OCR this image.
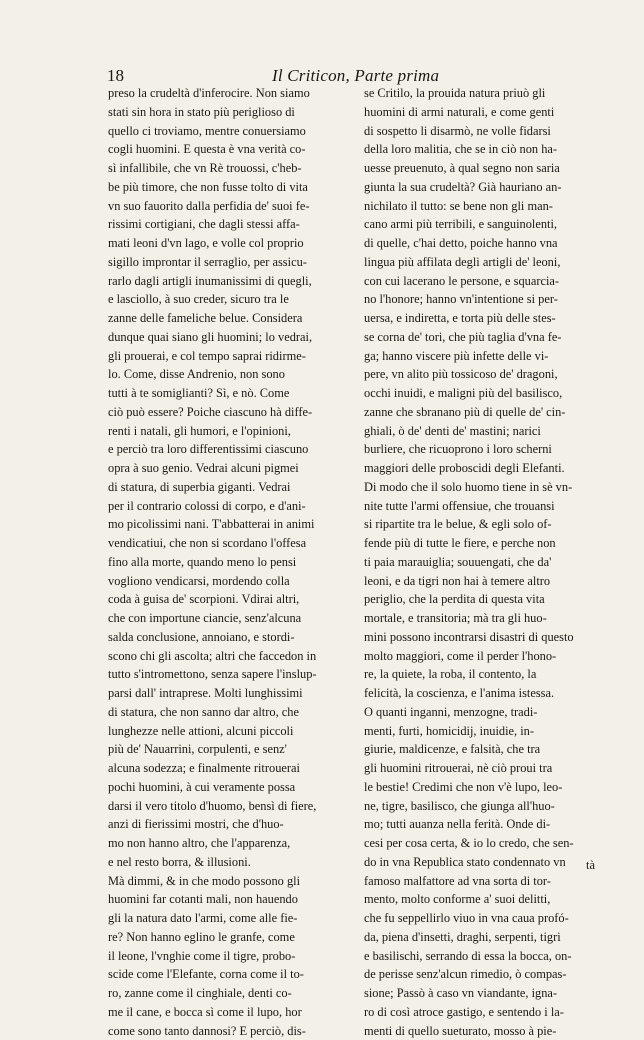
18	Il Criticon, Parte prima
preso la crudeltà d'inferocire. Non siamo
stati sin hora in stato più periglioso di
quello ci troviamo, mentre conuersiamo
cogli huomini. E questa è vna verità co-
sì infallibile, che vn Rè trouossi, c'heb-
be più timore, che non fusse tolto di vita
vn suo fauorito dalla perfidia de' suoi fe-
rissimi cortigiani, che dagli stessi affa-
mati leoni d'vn lago, e volle col proprio
sigillo improntar il serraglio, per assicu-
rarlo dagli artigli inumanissimi di quegli,
e lasciollo, à suo creder, sicuro tra le
zanne delle fameliche belue. Considera
dunque quai siano gli huomini; lo vedrai,
gli prouerai, e col tempo saprai ridirme-
lo. Come, disse Andrenio, non sono
tutti à te somiglianti? Sì, e nò. Come
ciò può essere? Poiche ciascuno hà diffe-
renti i natali, gli humori, e l'opinioni,
e perciò tra loro differentissimi ciascuno
opra à suo genio. Vedrai alcuni pigmei
di statura, di superbia giganti. Vedrai
per il contrario colossi di corpo, e d'ani-
mo picolissimi nani. T'abbatterai in animi
vendicatiui, che non si scordano l'offesa
fino alla morte, quando meno lo pensi
vogliono vendicarsi, mordendo colla
coda à guisa de' scorpioni. Vdirai altri,
che con importune ciancie, senz'alcuna
salda conclusione, annoiano, e stordi-
scono chi gli ascolta; altri che faccedon in
tutto s'intromettono, senza sapere l'inslup-
parsi dall' intraprese. Molti lunghissimi
di statura, che non sanno dar altro, che
lunghezze nelle attioni, alcuni piccoli
più de' Nauarrini, corpulenti, e senz'
alcuna sodezza; e finalmente ritrouerai
pochi huomini, à cui veramente possa
darsi il vero titolo d'huomo, bensì di fiere,
anzi di fierissimi mostri, che d'huo-
mo non hanno altro, che l'apparenza,
e nel resto borra, & illusioni.
Mà dimmi, & in che modo possono gli
huomini far cotanti mali, non hauendo
gli la natura dato l'armi, come alle fie-
re? Non hanno eglino le granfe, come
il leone, l'vnghie come il tigre, probo-
scide come l'Elefante, corna come il to-
ro, zanne come il cinghiale, denti co-
me il cane, e bocca sì come il lupo, hor
come sono tanto dannosi? E perciò, dis-
se Critilo, la prouida natura priuò gli
huomini di armi naturali, e come genti
di sospetto li disarmò, ne volle fidarsi
della loro malitia, che se in ciò non ha-
uesse preuenuto, à qual segno non saria
giunta la sua crudeltà? Già hauriano an-
nichilato il tutto: se bene non gli man-
cano armi più terribili, e sanguinolenti,
di quelle, c'hai detto, poiche hanno vna
lingua più affilata degli artigli de' leoni,
con cui lacerano le persone, e squarcia-
no l'honore; hanno vn'intentione si per-
uersa, e indiretta, e torta più delle stes-
se corna de' tori, che più taglia d'vna fe-
ga; hanno viscere più infette delle vi-
pere, vn alito più tossicoso de' dragoni,
occhi inuidi, e maligni più del basilisco,
zanne che sbranano più di quelle de' cin-
ghiali, ò de' denti de' mastini; narici
burliere, che ricuoprono i loro scherni
maggiori delle proboscidi degli Elefanti.
Di modo che il solo huomo tiene in sè vn-
nite tutte l'armi offensiue, che trouansi
si ripartite tra le belue, & egli solo of-
fende più di tutte le fiere, e perche non
ti paia marauiglia; souuengati, che da'
leoni, e da tigri non hai à temere altro
periglio, che la perdita di questa vita
mortale, e transitoria; mà tra gli huo-
mini possono incontrarsi disastri di questo
molto maggiori, come il perder l'hono-
re, la quiete, la roba, il contento, la
felicità, la coscienza, e l'anima istessa.
O quanti inganni, menzogne, tradi-
menti, furti, homicidij, inuidie, in-
giurie, maldicenze, e falsità, che tra
gli huomini ritrouerai, nè ciò proui tra
le bestie! Credimi che non v'è lupo, leo-
ne, tigre, basilisco, che giunga all'huo-
mo; tutti auanza nella ferità. Onde di-
cesi per cosa certa, & io lo credo, che sen-
do in vna Republica stato condennato vn
famoso malfattore ad vna sorta di tor-
mento, molto conforme a' suoi delitti,
che fu seppellirlo viuo in vna caua profó-
da, piena d'insetti, draghi, serpenti, tigri
e basilischi, serrando di essa la bocca, on-
de perisse senz'alcun rimedio, ò compas-
sione; Passò à caso vn viandante, igna-
ro di così atroce gastigo, e sentendo i la-
menti di quello sueturato, mosso à pie-
tà
